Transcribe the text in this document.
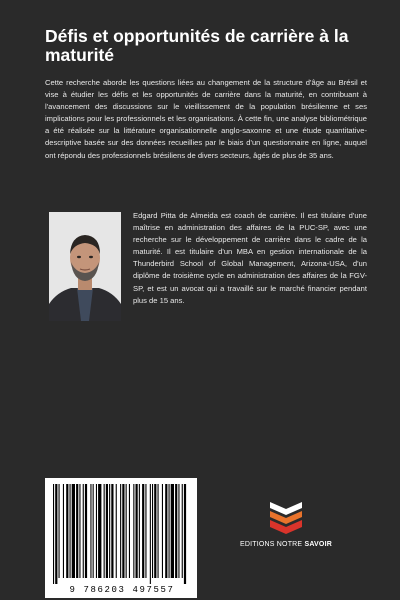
Défis et opportunités de carrière à la maturité

Cette recherche aborde les questions liées au changement de la structure d'âge au Brésil et vise à étudier les défis et les opportunités de carrière dans la maturité, en contribuant à l'avancement des discussions sur le vieillissement de la population brésilienne et ses implications pour les professionnels et les organisations. À cette fin, une analyse bibliométrique a été réalisée sur la littérature organisationnelle anglo-saxonne et une étude quantitative-descriptive basée sur des données recueillies par le biais d'un questionnaire en ligne, auquel ont répondu des professionnels brésiliens de divers secteurs, âgés de plus de 35 ans.

Edgard Pitta de Almeida est coach de carrière. Il est titulaire d'une maîtrise en administration des affaires de la PUC-SP, avec une recherche sur le développement de carrière dans le cadre de la maturité. Il est titulaire d'un MBA en gestion internationale de la Thunderbird School of Global Management, Arizona-USA, d'un diplôme de troisième cycle en administration des affaires de la FGV-SP, et est un avocat qui a travaillé sur le marché financier pendant plus de 15 ans.

9 786203 497557
EDITIONS NOTRE SAVOIR
